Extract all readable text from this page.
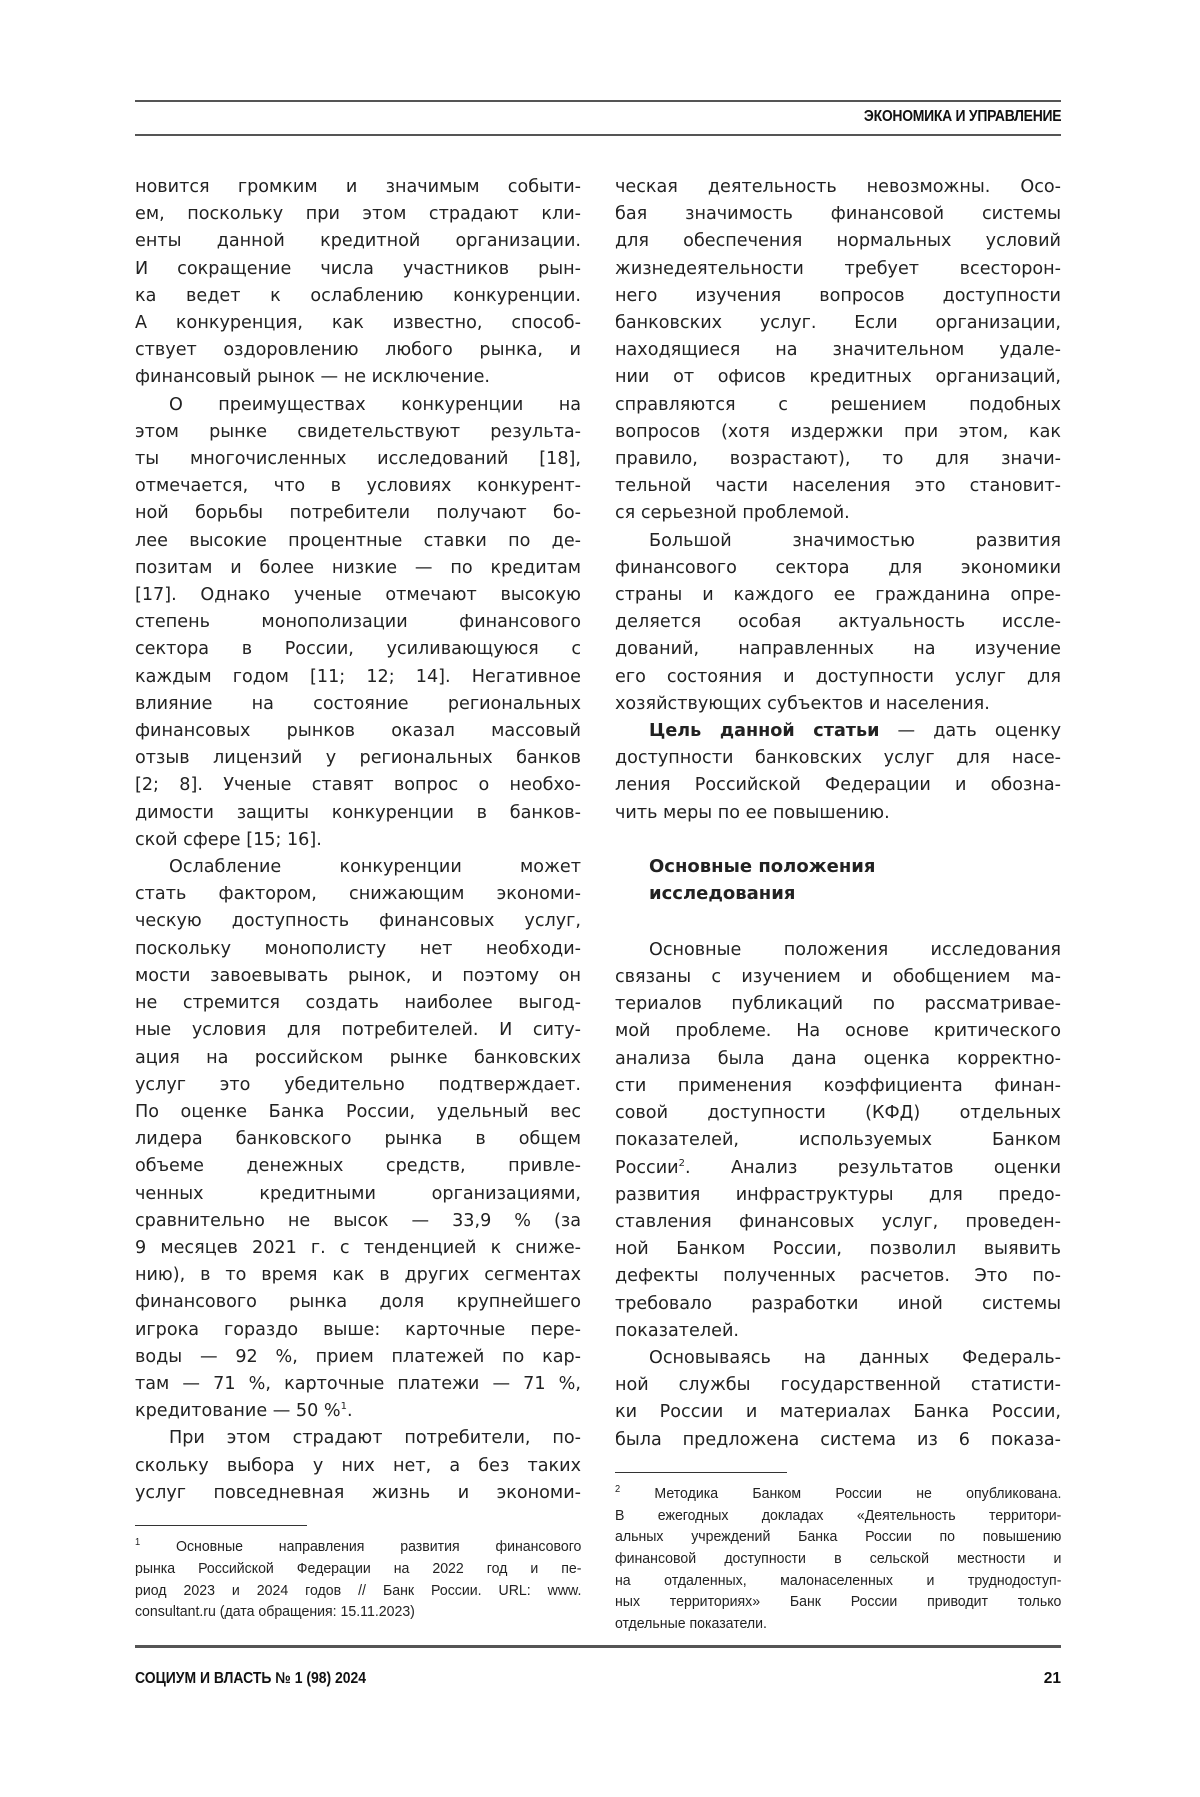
ЭКОНОМИКА И УПРАВЛЕНИЕ
новится громким и значимым событи-
ем, поскольку при этом страдают кли-
енты данной кредитной организации.
И сокращение числа участников рын-
ка ведет к ослаблению конкуренции.
А конкуренция, как известно, способ-
ствует оздоровлению любого рынка, и
финансовый рынок — не исключение.
О преимуществах конкуренции на
этом рынке свидетельствуют результа-
ты многочисленных исследований [18],
отмечается, что в условиях конкурент-
ной борьбы потребители получают бо-
лее высокие процентные ставки по де-
позитам и более низкие — по кредитам
[17]. Однако ученые отмечают высокую
степень монополизации финансового
сектора в России, усиливающуюся с
каждым годом [11; 12; 14]. Негативное
влияние на состояние региональных
финансовых рынков оказал массовый
отзыв лицензий у региональных банков
[2; 8]. Ученые ставят вопрос о необхо-
димости защиты конкуренции в банков-
ской сфере [15; 16].
Ослабление конкуренции может
стать фактором, снижающим экономи-
ческую доступность финансовых услуг,
поскольку монополисту нет необходи-
мости завоевывать рынок, и поэтому он
не стремится создать наиболее выгод-
ные условия для потребителей. И ситу-
ация на российском рынке банковских
услуг это убедительно подтверждает.
По оценке Банка России, удельный вес
лидера банковского рынка в общем
объеме денежных средств, привле-
ченных кредитными организациями,
сравнительно не высок — 33,9 % (за
9 месяцев 2021 г. с тенденцией к сниже-
нию), в то время как в других сегментах
финансового рынка доля крупнейшего
игрока гораздо выше: карточные пере-
воды — 92 %, прием платежей по кар-
там — 71 %, карточные платежи — 71 %,
кредитование — 50 %$^1$.
При этом страдают потребители, по-
скольку выбора у них нет, а без таких
услуг повседневная жизнь и экономи-
$^1$ Основные направления развития финансового
рынка Российской Федерации на 2022 год и пе-
риод 2023 и 2024 годов // Банк России. URL: www.
consultant.ru (дата обращения: 15.11.2023)
ческая деятельность невозможны. Осо-
бая значимость финансовой системы
для обеспечения нормальных условий
жизнедеятельности требует всесторон-
него изучения вопросов доступности
банковских услуг. Если организации,
находящиеся на значительном удале-
нии от офисов кредитных организаций,
справляются с решением подобных
вопросов (хотя издержки при этом, как
правило, возрастают), то для значи-
тельной части населения это становит-
ся серьезной проблемой.
Большой значимостью развития
финансового сектора для экономики
страны и каждого ее гражданина опре-
деляется особая актуальность иссле-
дований, направленных на изучение
его состояния и доступности услуг для
хозяйствующих субъектов и населения.
Цель данной статьи — дать оценку
доступности банковских услуг для насе-
ления Российской Федерации и обозна-
чить меры по ее повышению.
Основные положения
исследования
Основные положения исследования
связаны с изучением и обобщением ма-
териалов публикаций по рассматривае-
мой проблеме. На основе критического
анализа была дана оценка корректно-
сти применения коэффициента финан-
совой доступности (КФД) отдельных
показателей, используемых Банком
России$^2$. Анализ результатов оценки
развития инфраструктуры для предо-
ставления финансовых услуг, проведен-
ной Банком России, позволил выявить
дефекты полученных расчетов. Это по-
требовало разработки иной системы
показателей.
Основываясь на данных Федераль-
ной службы государственной статисти-
ки России и материалах Банка России,
была предложена система из 6 показа-
$^2$ Методика Банком России не опубликована.
В ежегодных докладах «Деятельность территори-
альных учреждений Банка России по повышению
финансовой доступности в сельской местности и
на отдаленных, малонаселенных и труднодоступ-
ных территориях» Банк России приводит только
отдельные показатели.
СОЦИУМ И ВЛАСТЬ № 1 (98) 2024	21
